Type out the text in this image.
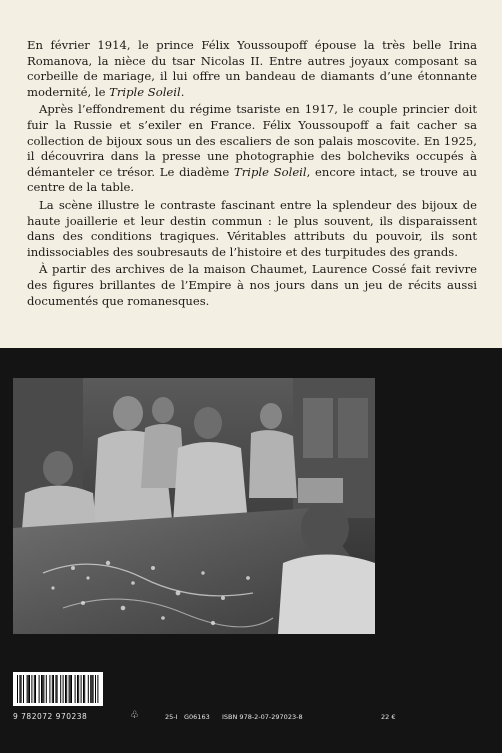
En février 1914, le prince Félix Youssoupoff épouse la très belle Irina Romanova, la nièce du tsar Nicolas II. Entre autres joyaux composant sa corbeille de mariage, il lui offre un bandeau de diamants d’une étonnante modernité, le Triple Soleil.

Après l’effondrement du régime tsariste en 1917, le couple princier doit fuir la Russie et s’exiler en France. Félix Youssoupoff a fait cacher sa collection de bijoux sous un des escaliers de son palais moscovite. En 1925, il découvrira dans la presse une photographie des bolcheviks occupés à démanteler ce trésor. Le diadème Triple Soleil, encore intact, se trouve au centre de la table.

La scène illustre le contraste fascinant entre la splendeur des bijoux de haute joaillerie et leur destin commun : le plus souvent, ils disparaissent dans des conditions tragiques. Véritables attributs du pouvoir, ils sont indissociables des soubresauts de l’histoire et des turpitudes des grands.

À partir des archives de la maison Chaumet, Laurence Cossé fait revivre des figures brillantes de l’Empire à nos jours dans un jeu de récits aussi documentés que romanesques.

9 782072 970238	♧	25-I G06163 ISBN 978-2-07-297023-8	22 €
